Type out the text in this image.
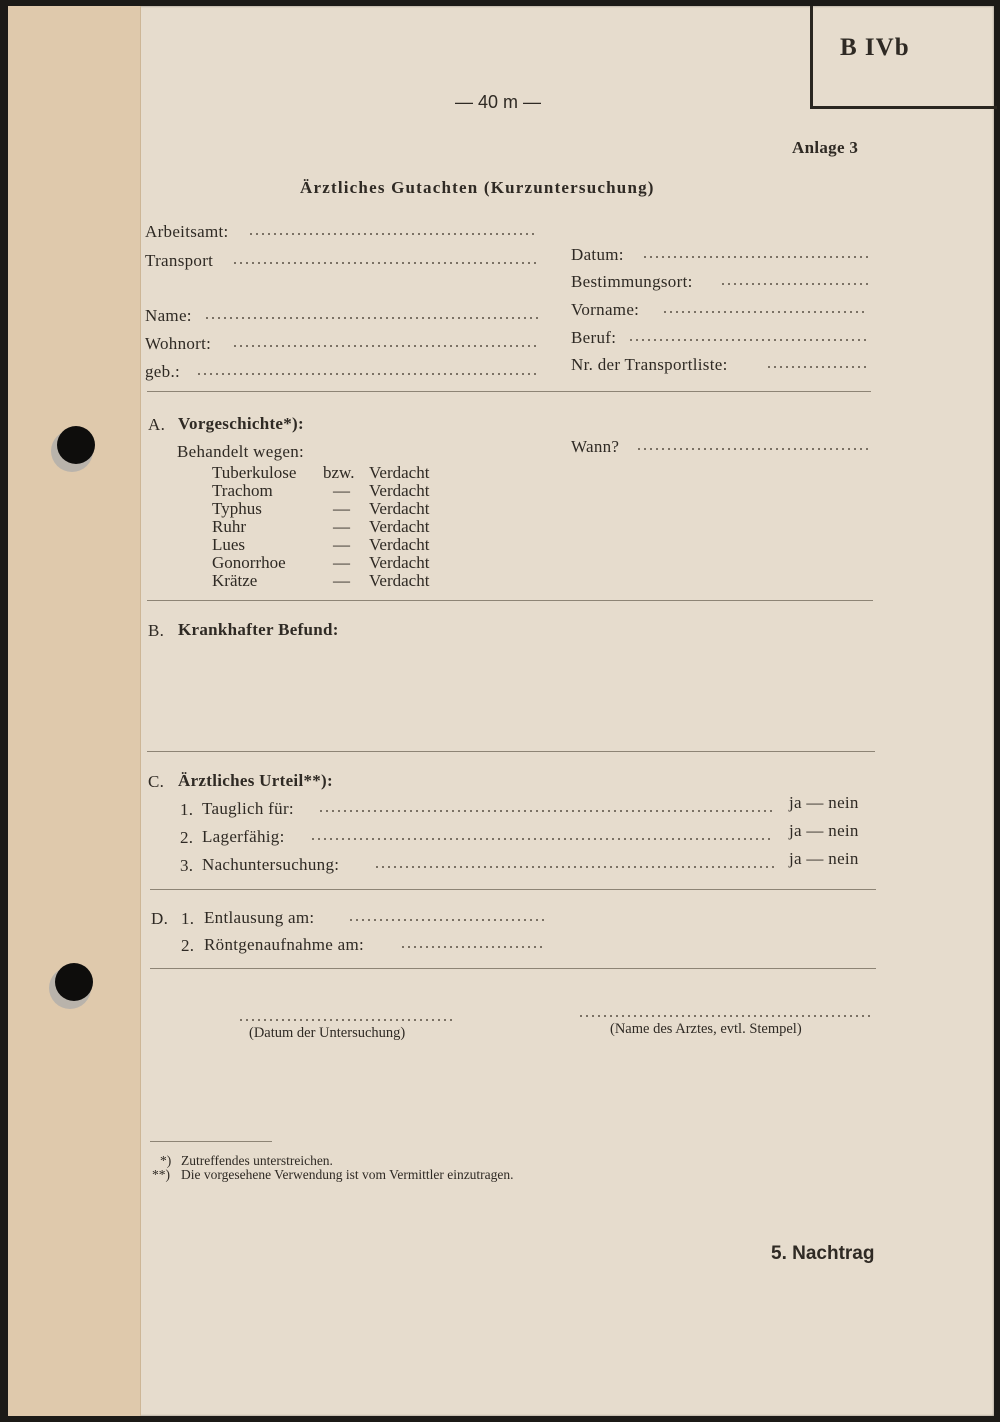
B IVb
— 40 m —
Anlage 3
Ärztliches Gutachten (Kurzuntersuchung)
Arbeitsamt:
Transport
Name:
Wohnort:
geb.:
Datum:
Bestimmungsort:
Vorname:
Beruf:
Nr. der Transportliste:
A. Vorgeschichte*):
Behandelt wegen:	Wann?
Tuberkulose bzw. Verdacht
Trachom	— Verdacht
Typhus	— Verdacht
Ruhr	— Verdacht
Lues	— Verdacht
Gonorrhoe	— Verdacht
Krätze	— Verdacht
B. Krankhafter Befund:
C. Ärztliches Urteil**):
1. Tauglich für:	ja — nein
2. Lagerfähig:	ja — nein
3. Nachuntersuchung:	ja — nein
D. 1. Entlausung am:
2. Röntgenaufnahme am:
(Datum der Untersuchung)	(Name des Arztes, evtl. Stempel)
*) Zutreffendes unterstreichen.
**) Die vorgesehene Verwendung ist vom Vermittler einzutragen.
5. Nachtrag
